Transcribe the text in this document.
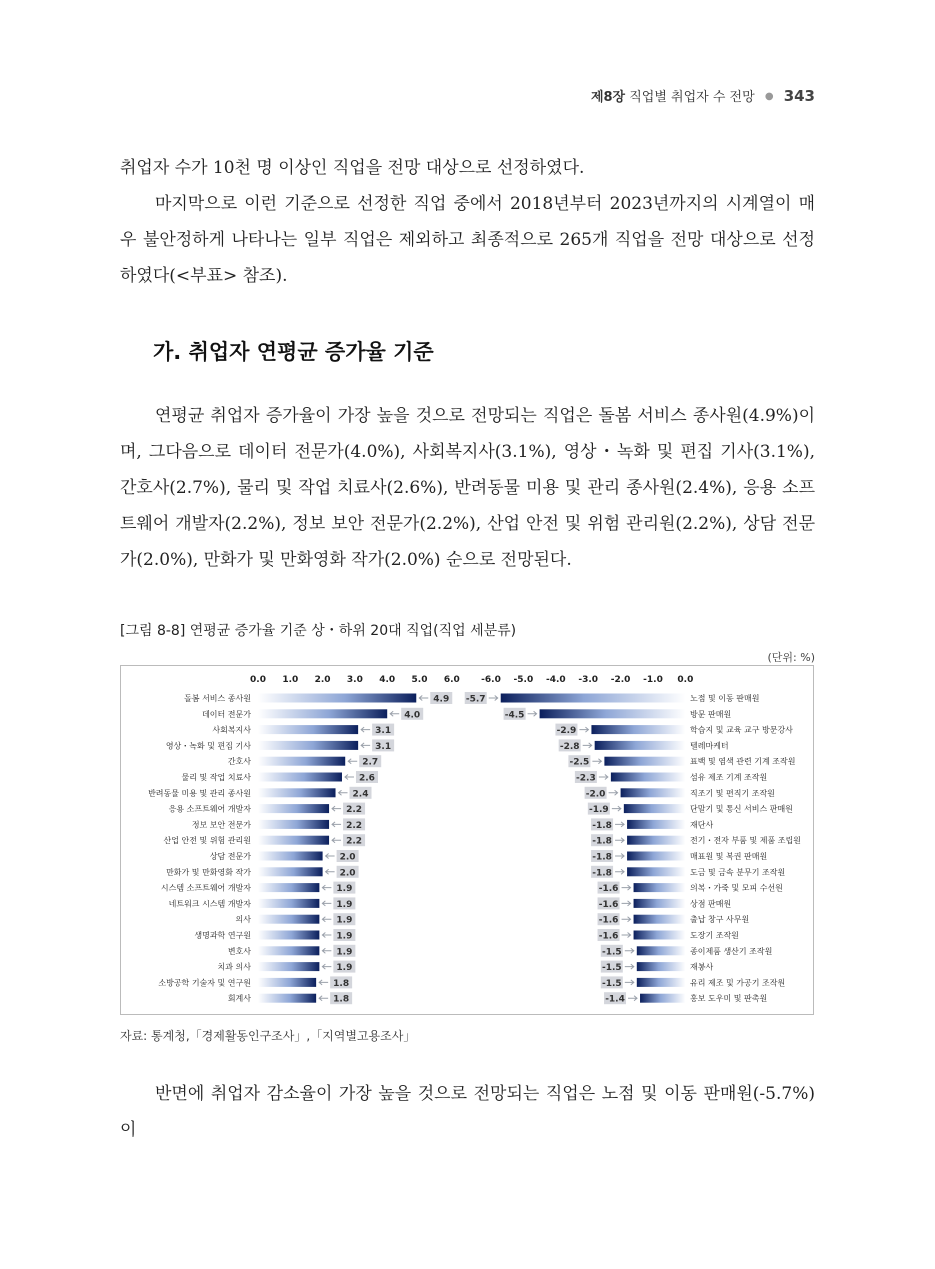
제8장 직업별 취업자 수 전망 ● 343

취업자 수가 10천 명 이상인 직업을 전망 대상으로 선정하였다.

마지막으로 이런 기준으로 선정한 직업 중에서 2018년부터 2023년까지의 시계열이 매우 불안정하게 나타나는 일부 직업은 제외하고 최종적으로 265개 직업을 전망 대상으로 선정하였다(<부표> 참조).

가. 취업자 연평균 증가율 기준

연평균 취업자 증가율이 가장 높을 것으로 전망되는 직업은 돌봄 서비스 종사원(4.9%)이며, 그다음으로 데이터 전문가(4.0%), 사회복지사(3.1%), 영상・녹화 및 편집 기사(3.1%), 간호사(2.7%), 물리 및 작업 치료사(2.6%), 반려동물 미용 및 관리 종사원(2.4%), 응용 소프트웨어 개발자(2.2%), 정보 보안 전문가(2.2%), 산업 안전 및 위험 관리원(2.2%), 상담 전문가(2.0%), 만화가 및 만화영화 작가(2.0%) 순으로 전망된다.

[그림 8-8] 연평균 증가율 기준 상・하위 20대 직업(직업 세분류)

(단위: %)
0.0 1.0 2.0 3.0 4.0 5.0 6.0
돌봄 서비스 종사원	4.9
데이터 전문가	4.0
사회복지사	3.1
영상・녹화 및 편집 기사	3.1
간호사	2.7
물리 및 작업 치료사	2.6
반려동물 미용 및 관리 종사원	2.4
응용 소프트웨어 개발자	2.2
정보 보안 전문가	2.2
산업 안전 및 위험 관리원	2.2
상담 전문가	2.0
만화가 및 만화영화 작가	2.0
시스템 소프트웨어 개발자	1.9
네트워크 시스템 개발자	1.9
의사	1.9
생명과학 연구원	1.9
변호사	1.9
치과 의사	1.9
소방공학 기술자 및 연구원	1.8
회계사	1.8
-6.0 -5.0 -4.0 -3.0 -2.0 -1.0 0.0
-5.7	노점 및 이동 판매원
-4.5	방문 판매원
-2.9	학습지 및 교육 교구 방문강사
-2.8	텔레마케터
-2.5	표백 및 염색 관련 기계 조작원
-2.3	섬유 제조 기계 조작원
-2.0	직조기 및 편직기 조작원
-1.9	단말기 및 통신 서비스 판매원
-1.8	재단사
-1.8	전기・전자 부품 및 제품 조립원
-1.8	매표원 및 복권 판매원
-1.8	도금 및 금속 분무기 조작원
-1.6	의복・가죽 및 모피 수선원
-1.6	상점 판매원
-1.6	출납 창구 사무원
-1.6	도장기 조작원
-1.5	종이제품 생산기 조작원
-1.5	재봉사
-1.5	유리 제조 및 가공기 조작원
-1.4	홍보 도우미 및 판촉원
자료: 통계청,「경제활동인구조사」,「지역별고용조사」

반면에 취업자 감소율이 가장 높을 것으로 전망되는 직업은 노점 및 이동 판매원(-5.7%)이
